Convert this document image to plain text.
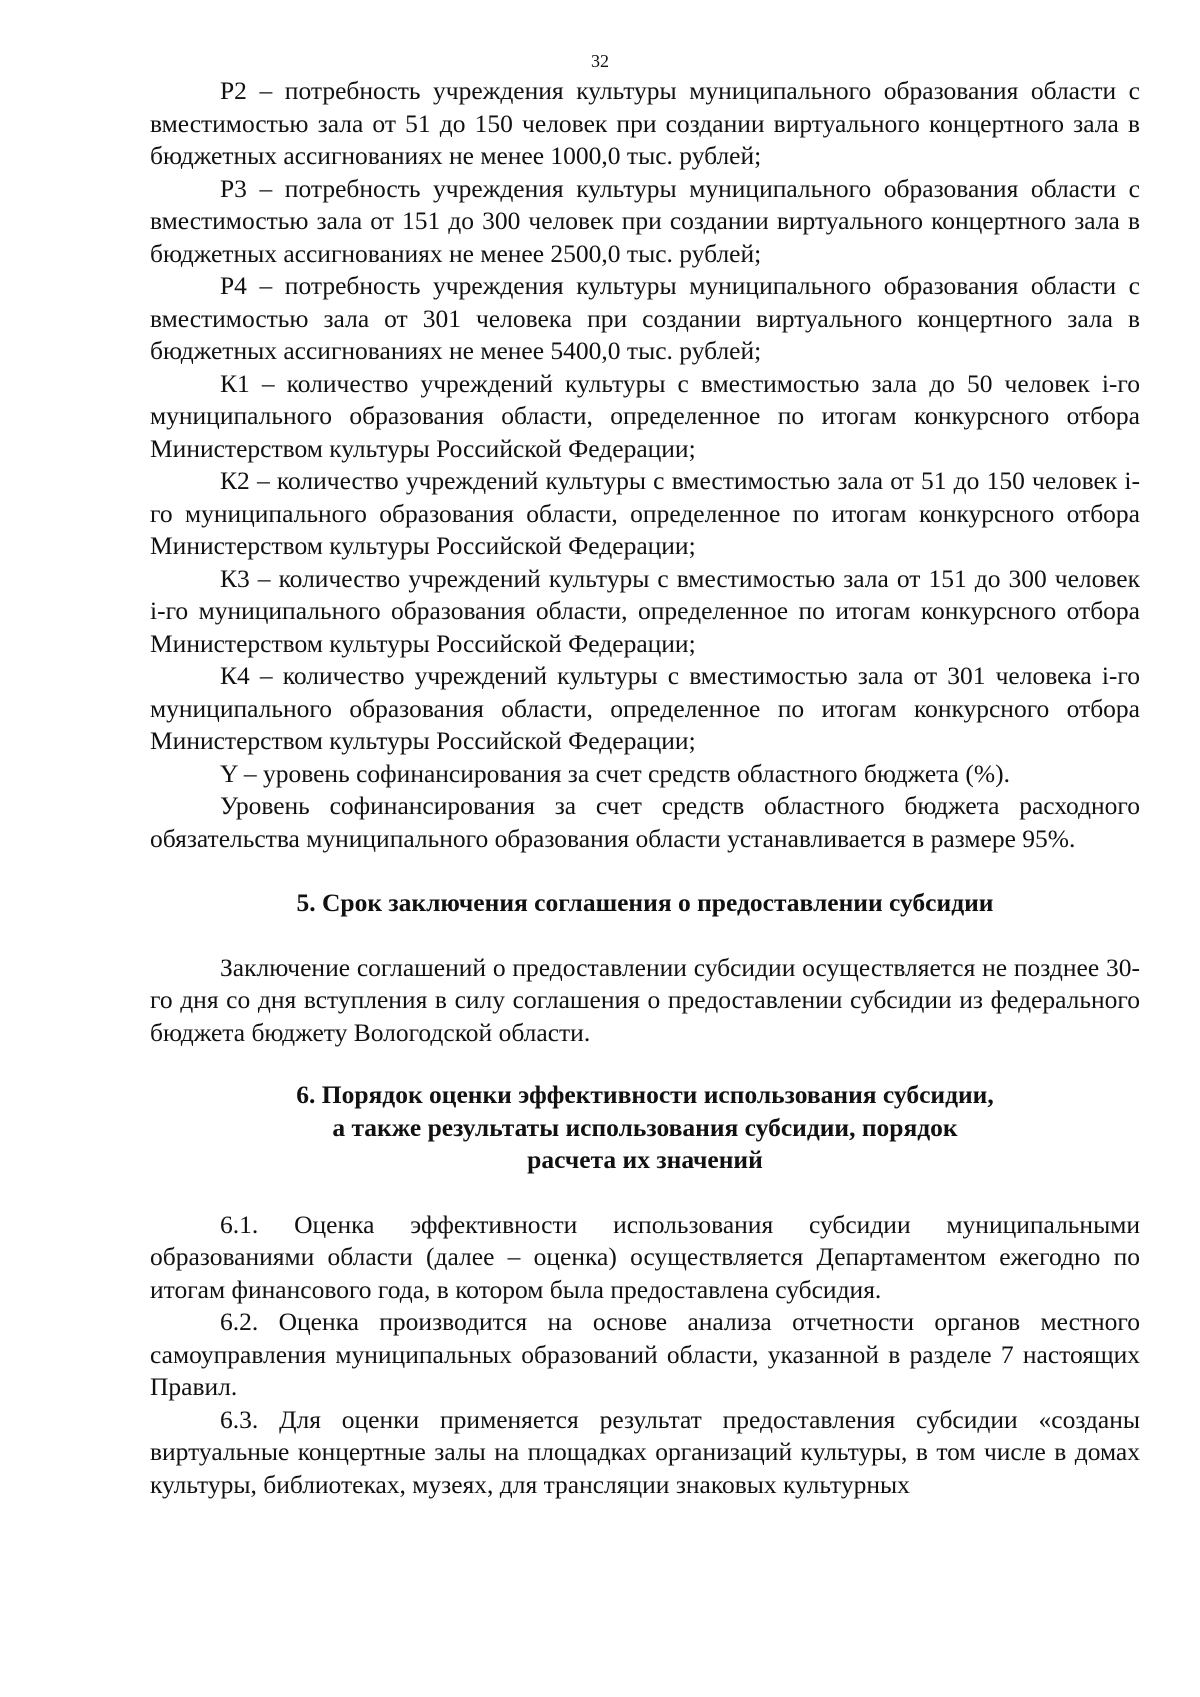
32

Р2 – потребность учреждения культуры муниципального образования области с вместимостью зала от 51 до 150 человек при создании виртуального концертного зала в бюджетных ассигнованиях не менее 1000,0 тыс. рублей;

Р3 – потребность учреждения культуры муниципального образования области с вместимостью зала от 151 до 300 человек при создании виртуального концертного зала в бюджетных ассигнованиях не менее 2500,0 тыс. рублей;

Р4 – потребность учреждения культуры муниципального образования области с вместимостью зала от 301 человека при создании виртуального концертного зала в бюджетных ассигнованиях не менее 5400,0 тыс. рублей;

К1 – количество учреждений культуры с вместимостью зала до 50 человек i-го муниципального образования области, определенное по итогам конкурсного отбора Министерством культуры Российской Федерации;

К2 – количество учреждений культуры с вместимостью зала от 51 до 150 человек i-го муниципального образования области, определенное по итогам конкурсного отбора Министерством культуры Российской Федерации;

К3 – количество учреждений культуры с вместимостью зала от 151 до 300 человек i-го муниципального образования области, определенное по итогам конкурсного отбора Министерством культуры Российской Федерации;

К4 – количество учреждений культуры с вместимостью зала от 301 человека i-го муниципального образования области, определенное по итогам конкурсного отбора Министерством культуры Российской Федерации;

Y – уровень софинансирования за счет средств областного бюджета (%).

Уровень софинансирования за счет средств областного бюджета расходного обязательства муниципального образования области устанавливается в размере 95%.

5. Срок заключения соглашения о предоставлении субсидии

Заключение соглашений о предоставлении субсидии осуществляется не позднее 30-го дня со дня вступления в силу соглашения о предоставлении субсидии из федерального бюджета бюджету Вологодской области.

6. Порядок оценки эффективности использования субсидии,
а также результаты использования субсидии, порядок
расчета их значений

6.1. Оценка эффективности использования субсидии муниципальными образованиями области (далее – оценка) осуществляется Департаментом ежегодно по итогам финансового года, в котором была предоставлена субсидия.

6.2. Оценка производится на основе анализа отчетности органов местного самоуправления муниципальных образований области, указанной в разделе 7 настоящих Правил.

6.3. Для оценки применяется результат предоставления субсидии «созданы виртуальные концертные залы на площадках организаций культуры, в том числе в домах культуры, библиотеках, музеях, для трансляции знаковых культурных
